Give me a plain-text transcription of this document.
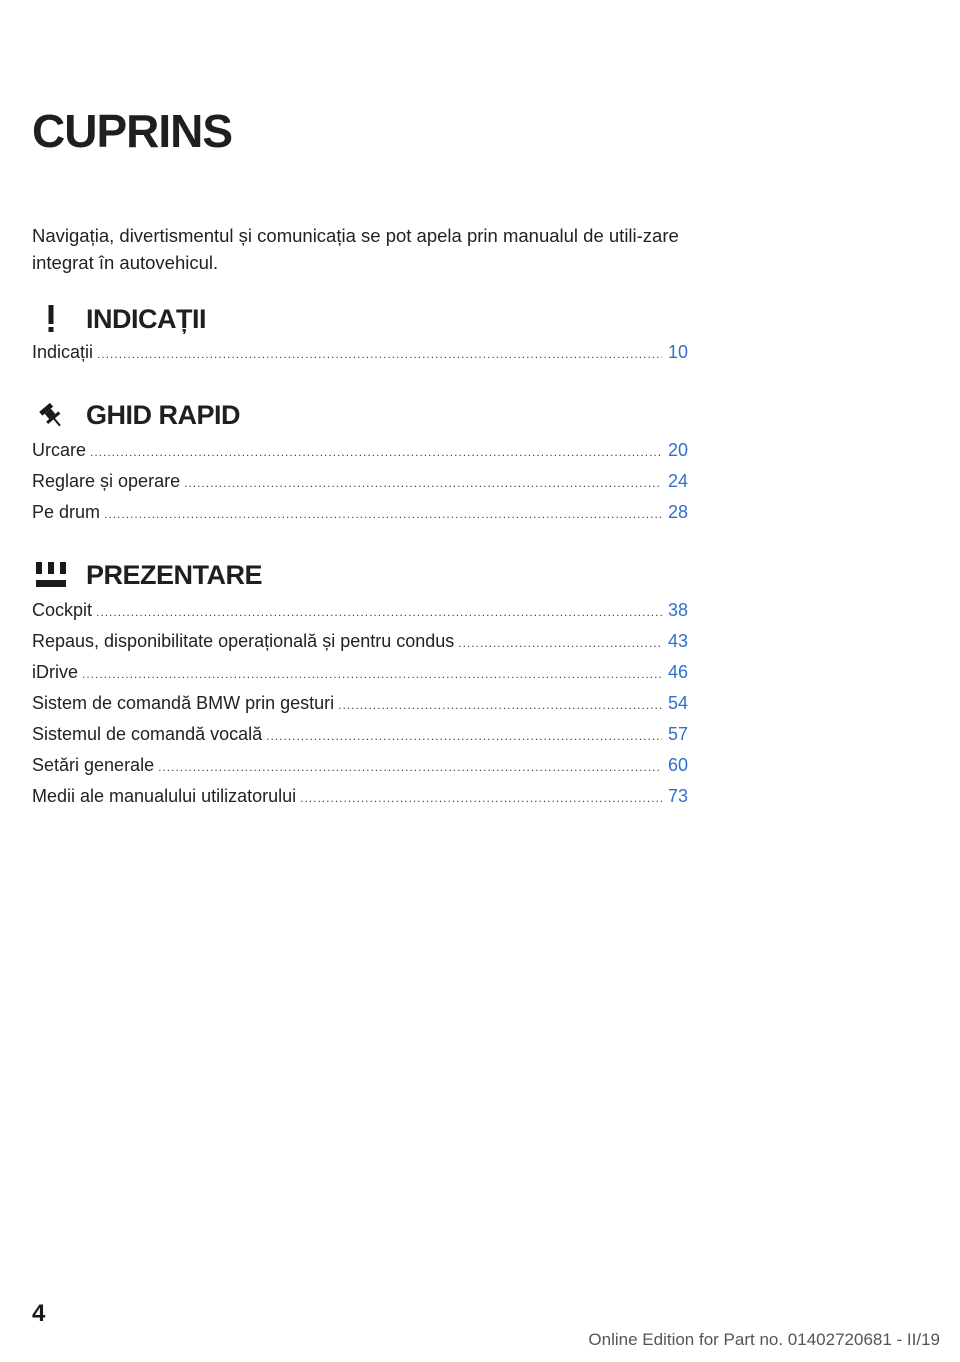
CUPRINS
Navigația, divertismentul și comunicația se pot apela prin manualul de utili-zare integrat în autovehicul.
INDICAȚII
Indicații .....	10
GHID RAPID
Urcare .....	20
Reglare și operare .....	24
Pe drum .....	28
PREZENTARE
Cockpit .....	38
Repaus, disponibilitate operațională și pentru condus .....	43
iDrive .....	46
Sistem de comandă BMW prin gesturi .....	54
Sistemul de comandă vocală .....	57
Setări generale .....	60
Medii ale manualului utilizatorului .....	73
4
Online Edition for Part no. 01402720681 - II/19
